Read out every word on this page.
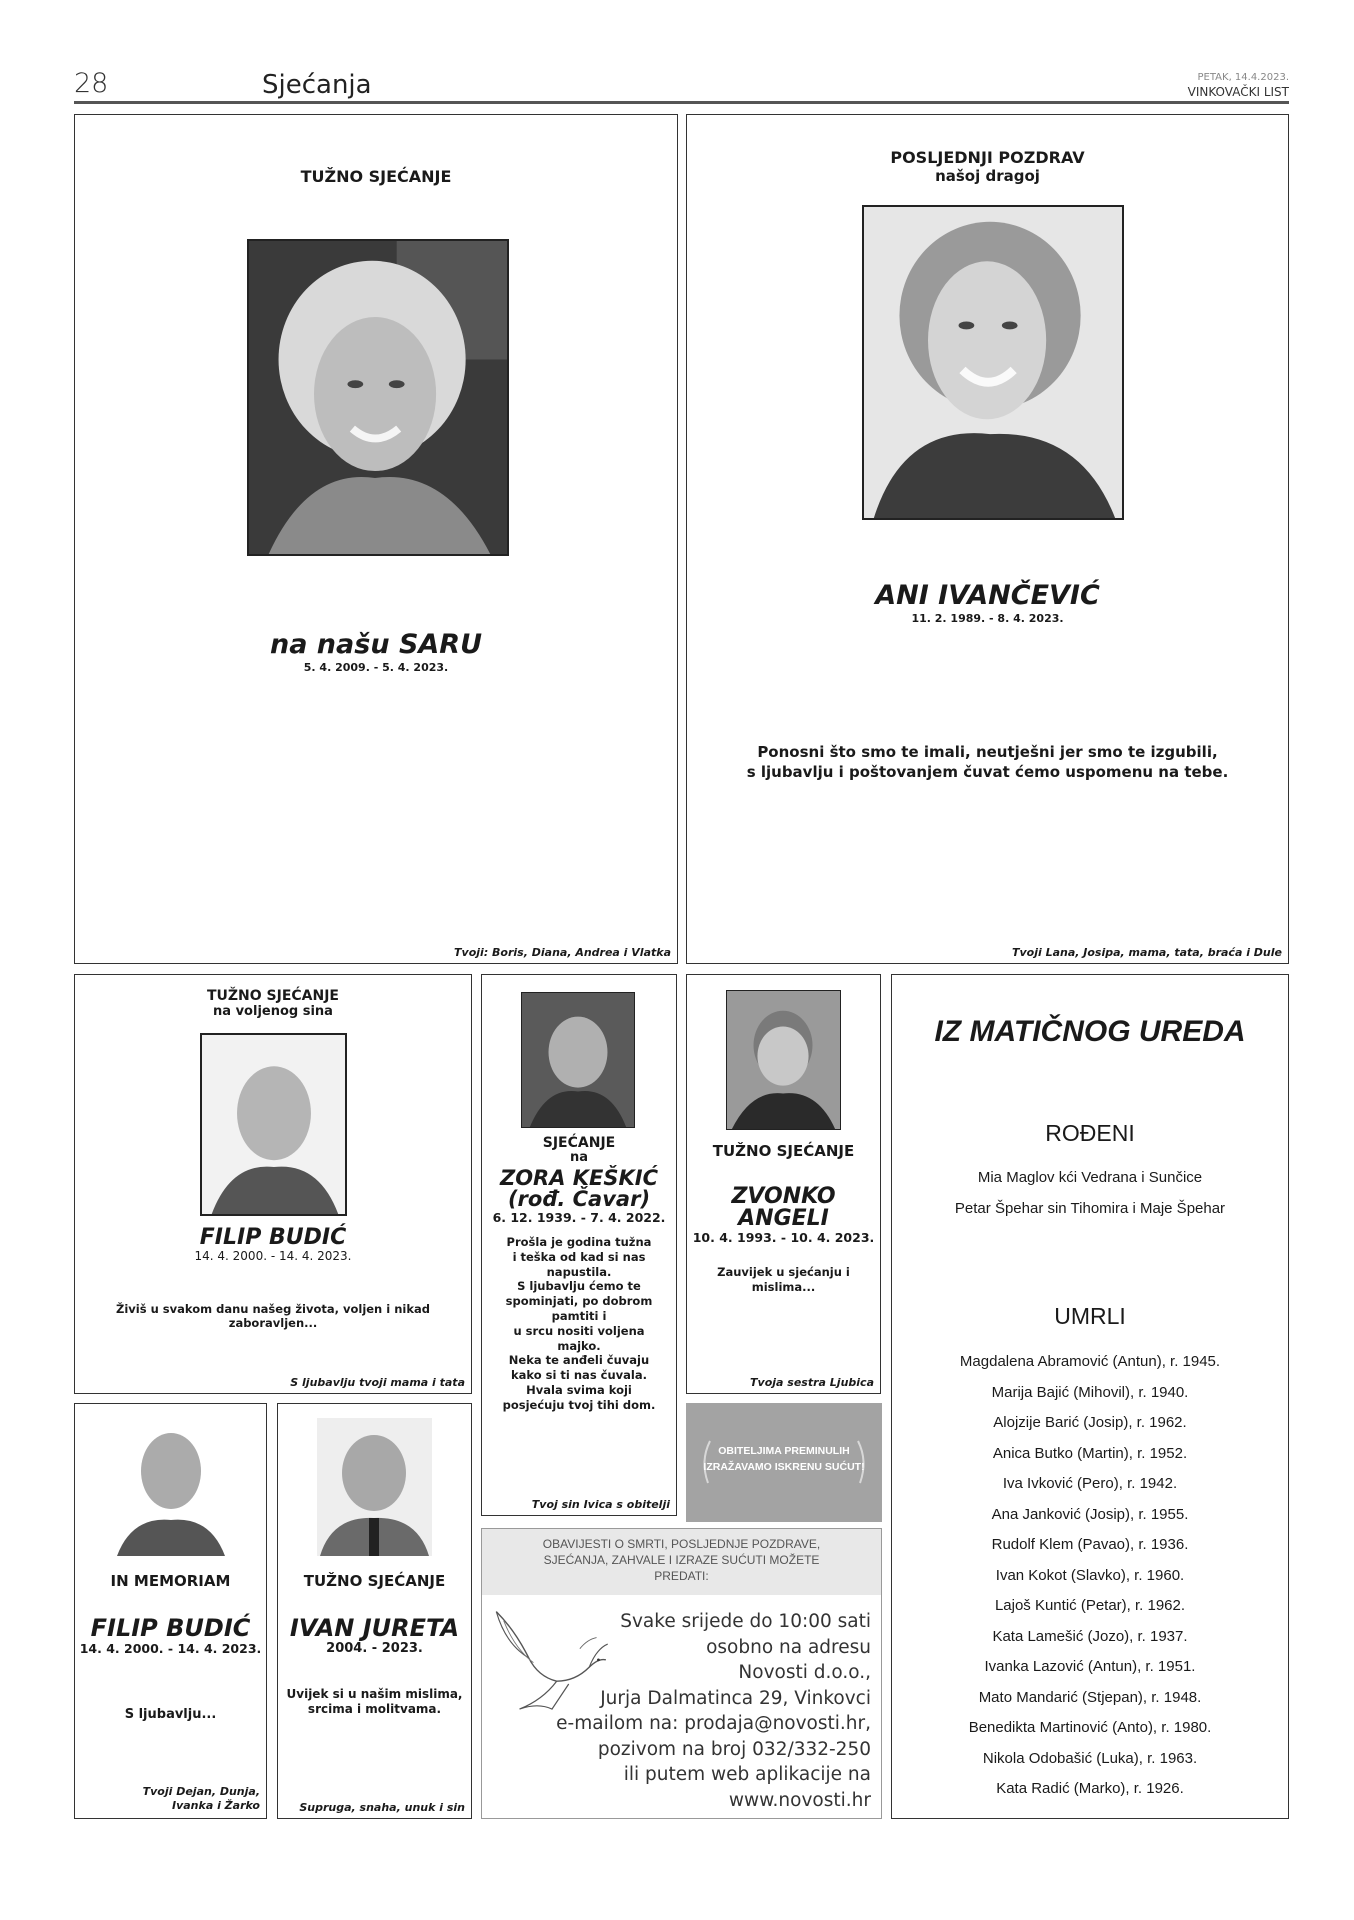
28	Sjećanja	PETAK, 14.4.2023.
VINKOVAČKI LIST
TUŽNO SJEĆANJE
na našu SARU
5. 4. 2009. - 5. 4. 2023.
Tvoji: Boris, Diana, Andrea i Vlatka
POSLJEDNJI POZDRAV
našoj dragoj
ANI IVANČEVIĆ
11. 2. 1989. - 8. 4. 2023.
Ponosni što smo te imali, neutješni jer smo te izgubili,
s ljubavlju i poštovanjem čuvat ćemo uspomenu na tebe.
Tvoji Lana, Josipa, mama, tata, braća i Dule
TUŽNO SJEĆANJE
na voljenog sina
FILIP BUDIĆ
14. 4. 2000. - 14. 4. 2023.
Živiš u svakom danu našeg života, voljen i nikad
zaboravljen...
S ljubavlju tvoji mama i tata
SJEĆANJE
na
ZORA KEŠKIĆ
(rođ. Čavar)
6. 12. 1939. - 7. 4. 2022.
Prošla je godina tužna
i teška od kad si nas
napustila.
S ljubavlju ćemo te
spominjati, po dobrom
pamtiti i
u srcu nositi voljena
majko.
Neka te anđeli čuvaju
kako si ti nas čuvala.
Hvala svima koji
posjećuju tvoj tihi dom.
Tvoj sin Ivica s obitelji
TUŽNO SJEĆANJE
ZVONKO
ANGELI
10. 4. 1993. - 10. 4. 2023.
Zauvijek u sjećanju i
mislima...
Tvoja sestra Ljubica
IN MEMORIAM
FILIP BUDIĆ
14. 4. 2000. - 14. 4. 2023.
S ljubavlju...
Tvoji Dejan, Dunja,
Ivanka i Žarko
TUŽNO SJEĆANJE
IVAN JURETA
2004. - 2023.
Uvijek si u našim mislima,
srcima i molitvama.
Supruga, snaha, unuk i sin
OBITELJIMA PREMINULIH
IZRAŽAVAMO ISKRENU SUĆUT!
OBAVIJESTI O SMRTI, POSLJEDNJE POZDRAVE,
SJEĆANJA, ZAHVALE I IZRAZE SUĆUTI MOŽETE
PREDATI:
Svake srijede do 10:00 sati
osobno na adresu
Novosti d.o.o.,
Jurja Dalmatinca 29, Vinkovci
e-mailom na: prodaja@novosti.hr,
pozivom na broj 032/332-250
ili putem web aplikacije na
www.novosti.hr
IZ MATIČNOG UREDA
ROĐENI
Mia Maglov kći Vedrana i Sunčice
Petar Špehar sin Tihomira i Maje Špehar
UMRLI
Magdalena Abramović (Antun), r. 1945.
Marija Bajić (Mihovil), r. 1940.
Alojzije Barić (Josip), r. 1962.
Anica Butko (Martin), r. 1952.
Iva Ivković (Pero), r. 1942.
Ana Janković (Josip), r. 1955.
Rudolf Klem (Pavao), r. 1936.
Ivan Kokot (Slavko), r. 1960.
Lajoš Kuntić (Petar), r. 1962.
Kata Lamešić (Jozo), r. 1937.
Ivanka Lazović (Antun), r. 1951.
Mato Mandarić (Stjepan), r. 1948.
Benedikta Martinović (Anto), r. 1980.
Nikola Odobašić (Luka), r. 1963.
Kata Radić (Marko), r. 1926.
